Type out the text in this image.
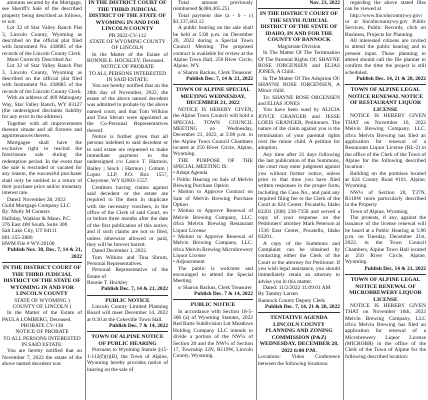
amounts secured by the Mortgage, see Sheriff's Sale of the described property being described as follows, to wit:

Lot 32 of Star Valley Ranch Plat 3, Lincoln County, Wyoming as described on the official plat filed with Instrument No. 438885 of the records of the Lincoln County Clerk.

More Correctly Described As:

Lot 32 of Star Valley Ranch Plat 3, Lincoln County, Wyoming as described on the official plat filed with Instrument No. 438885 of the records of the Lincoln County Clerk.

With an address of 469 Mahogany Way, Star Valley Ranch, WY 83127 (the undersigned disclaims liability for any error in the address).

Together with all improvements thereon situate and all fixtures and appurtenances thereto.

Mortgagee shall have the exclusive right to rescind the foreclosure sale during the redemption period. In the event that the sale is rescinded or vacated for any reason, the successful purchaser shall only be entitled to a return of their purchase price and/or monetary interest rate.

Dated: November 28, 2022

Guild Mortgage Company LLC

By: Molly M Conners

Halliday, Watkins & Mann, P.C.

376 East 400 South, Suite 300

Salt Lake City, UT 84111

801-355-2886

HWM File # WY-20100

Publish Nov. 30, Dec. 7, 14 & 21, 2022

IN THE DISTRICT COURT OF THE THIRD JUDICIAL DISTRICT OF THE STATE OF WYOMING IN AND FOR LINCOLN COUNTY

STATE OF WYOMING )

COUNTY OF LINCOLN )

In the Matter of the Estate of PAULA LOMBERG, Deceased.

PROBATE CV-138

NOTICE OF PROBATE

TO ALL PERSONS INTERESTED IN SAID ESTATE:

You are hereby notified that on November 7, 2022 the estate of the above named decedent was

IN THE DISTRICT COURT OF THE THIRD JUDICIAL DISTRICT OF THE STATE OF WYOMING IN AND FOR LINCOLN COUNTY

PR 2022-CV-112

STATE OF WYOMING COUNTY OF LINCOLN

In the Matter of the Estate of RONNIE E. HOCKLEY, Deceased.

NOTICE OF PROBATE

TO ALL PERSONS INTERESTED IN SAID ESTATE:

You are hereby notified that on the 28th day of November, 2022, the estate of the above named decedent was admitted to probate by the above named court, and that Tom Wilkins and Tina Shrum were appointed as the Co-Personal Representatives thereof.

Notice is further given that all persons indebted to said decedent or to said estate are requested to make immediate payment to the undersigned c/o Lance T. Harmon, Bailey | Stock | Harmon | Cottam | Lopez LLP, P.O. Box 1557, Cheyenne, WY 82003-1557.

Creditors having claims against said decedent or the estate are required to file them in duplicate with the necessary vouchers, in the office of the Clerk of said Court, on or before three months after the date of the first publication of this notice, and if such claims are not so filed, unless otherwise allowed or paid, they will be forever barred.

Dated December 1, 2022.

Tom Wilkins and Tina Shrum, Personal Representatives.

Personal Representative of the Estate of

Ronnie T. Hockley

Publish Dec. 7, 14 & 21, 2022

PUBLIC NOTICE

Lincoln County Limited Planning Board will meet December 14, 2022 at 6:30 at the Cokeville Town Hall.

Publish Dec. 7 & 14, 2022

TOWN OF ALPINE NOTICE OF PUBLIC HEARING

Pursuant to Wyoming Statute §15-1-112(f)(i)(B), the Town of Alpine, Wyoming hereby provides notice of hearing on the sale of

Total amount previously reimbursed $(486,465.25)

Total payment due (a - b - c) $3,137,463.12

A public hearing on the sale shall be held at 5:00 p.m. on December 20, 2022 during a Special Town Council Meeting. The proposed contract is available for review at the Alpine Town Hall, 250 River Circle, Alpine, WY.

s/ Sharon Backus, Clerk Treasurer

Publish Dec. 7, 14 & 21, 2022

TOWN OF ALPINE SPECIAL MEETING WEDNESDAY, DECEMBER 21, 2022

NOTICE IS HEREBY GIVEN, the Alpine Town Council will hold a SPECIAL TOWN COUNCIL MEETING on Wednesday, December 21, 2022, at 5:00 p.m. in the Alpine Town Council Chambers located at 250 River Circle, Alpine, Wyoming.

THE PURPOSE OF THE SPECIAL MEETING IS:

• Adopt Agenda

• Public Hearing on Sale of Melvin Brewing Purchase Option

• Motion to Approve Contract on Sale of Melvin Brewing Purchase Option

• Motion to Approve Renewal of Melvin Brewing Company, LLC. d/b/a Melvin Brewing Restaurant Liquor License

• Motion to Approve Renewal of Melvin Brewing Company, LLC. d/b/a Melvin Brewing Microbrewery Liquor License

• Adjournment

The public is welcome and encouraged to attend the Special Meeting.

s/ Sharon Backus, Clerk Treasurer

Publish Dec. 7 & 14, 2022

PUBLIC NOTICE

In accordance with Section 18-5-306 (a) of Wyoming Statutes, 2022 Red Butte Subdivision Lot Meadows Holding Company LLC intends to divide a portion of the NW¼ of Section 20 and the NW¼ of Section 17, Township 32N, R119W, Lincoln County, Wyoming.

Nov. 23, 2022

IN THE DISTRICT COURT OF THE SIXTH JUDICIAL DISTRICT OF THE STATE OF IDAHO, IN AND FOR THE COUNTY OF BANNOCK

Magistrate Division

In The Matter Of The Termination Of The Parental Rights Of: SHAYNE ROSE JORGENSEN and ELIAS JONES, A Child.

In The Matter Of The Adoption Of: SHAYNE ROSE JORGENSEN, A Minor child.

To: SHAYNE ROSE ORGENSEN and ELIAS JONES

You have been sued by ALICIA JOYCE GRANGER and JESSE LOEIS GRANGER, Petitioners. The nature of the claim against you is the termination of your parental rights over the minor child. A petition for adoption.

Any time after 21 days following the last publication of this Summons, the court may enter judgment against you without further notice, unless prior to that time you have filed written responses in the proper form, including the Case No., and paid any required filing fee to the Clerk of the Court at 624 Center, Pocatello, Idaho 83201 (208) 236-7358 and served a copy of your response on the Petitioners' attorney Mark Peterson at 1536 East Center, Pocatello, Idaho 83201.

A copy of the Summons and Complaint can be obtained by contacting either the Clerk of the Court or the attorney for Petitioner. If you wish legal assistance, you should immediately retain an attorney to advise you in this matter.

Dated: 11/2/2022 11:09:01 AM

By Tammy Larsen

Bannock County Deputy Clerk

Publish Dec. 7, 14, 21 & 28, 2022

TENTATIVE AGENDA LINCOLN COUNTY PLANNING AND ZONING COMMISSION (P&Z) WEDNESDAY, DECEMBER 28, 2022 6:00 P.M.

Locations: Video Conference between the following locations:

regarding the above stated files can be viewed at

http://www.lincolncountywy.gov/ or at lincolncountywy.gov Public Services, Public Records, click on Business, Projects for Planning.

All interested citizens are invited to attend the public hearing and to present input. Those planning to attend should call the file planner to confirm the time the project is still scheduled.

Publish Dec. 14, 21 & 28, 2022

TOWN OF ALPINE LEGAL NOTICE RENEWAL NOTICE OF RESTAURANT LIQUOR LICENSE

NOTICE IS HEREBY GIVEN THAT on November 16, 2022 Melvin Brewing Company, LLC. d/b/a Melvin Brewing has filed an application for renewal of a Restaurant Liquor License (RL-2) in the office of the Clerk of the Town of Alpine for the following described location:

Building on the premises located at 624 County Road #101, Alpine, Wyoming.

NW¼ of Section 20, T37N, R118W more particularly described in the Property

Town of Alpine, Wyoming

The protests, if any, against the issuance of the license renewal will be heard at a Public Hearing at 5:00 p.m. on Tuesday, December 21st, 2022, in the Town Council Chambers, Alpine Town Hall located at 250 River Circle, Alpine, Wyoming.

Publish Dec. 14 & 21, 2022

TOWN OF ALPINE LEGAL NOTICE RENEWAL OF MICROBREWERY LIQUOR LICENSE

NOTICE IS HEREBY GIVEN THAT on November 16th, 2022 Melvin Brewing Company, LLC d/b/a Melvin Brewing has filed an application for renewal of a Microbrewery Liquor License (MICROBR) in the office of the Clerk of the Town of Alpine for the following described location:
